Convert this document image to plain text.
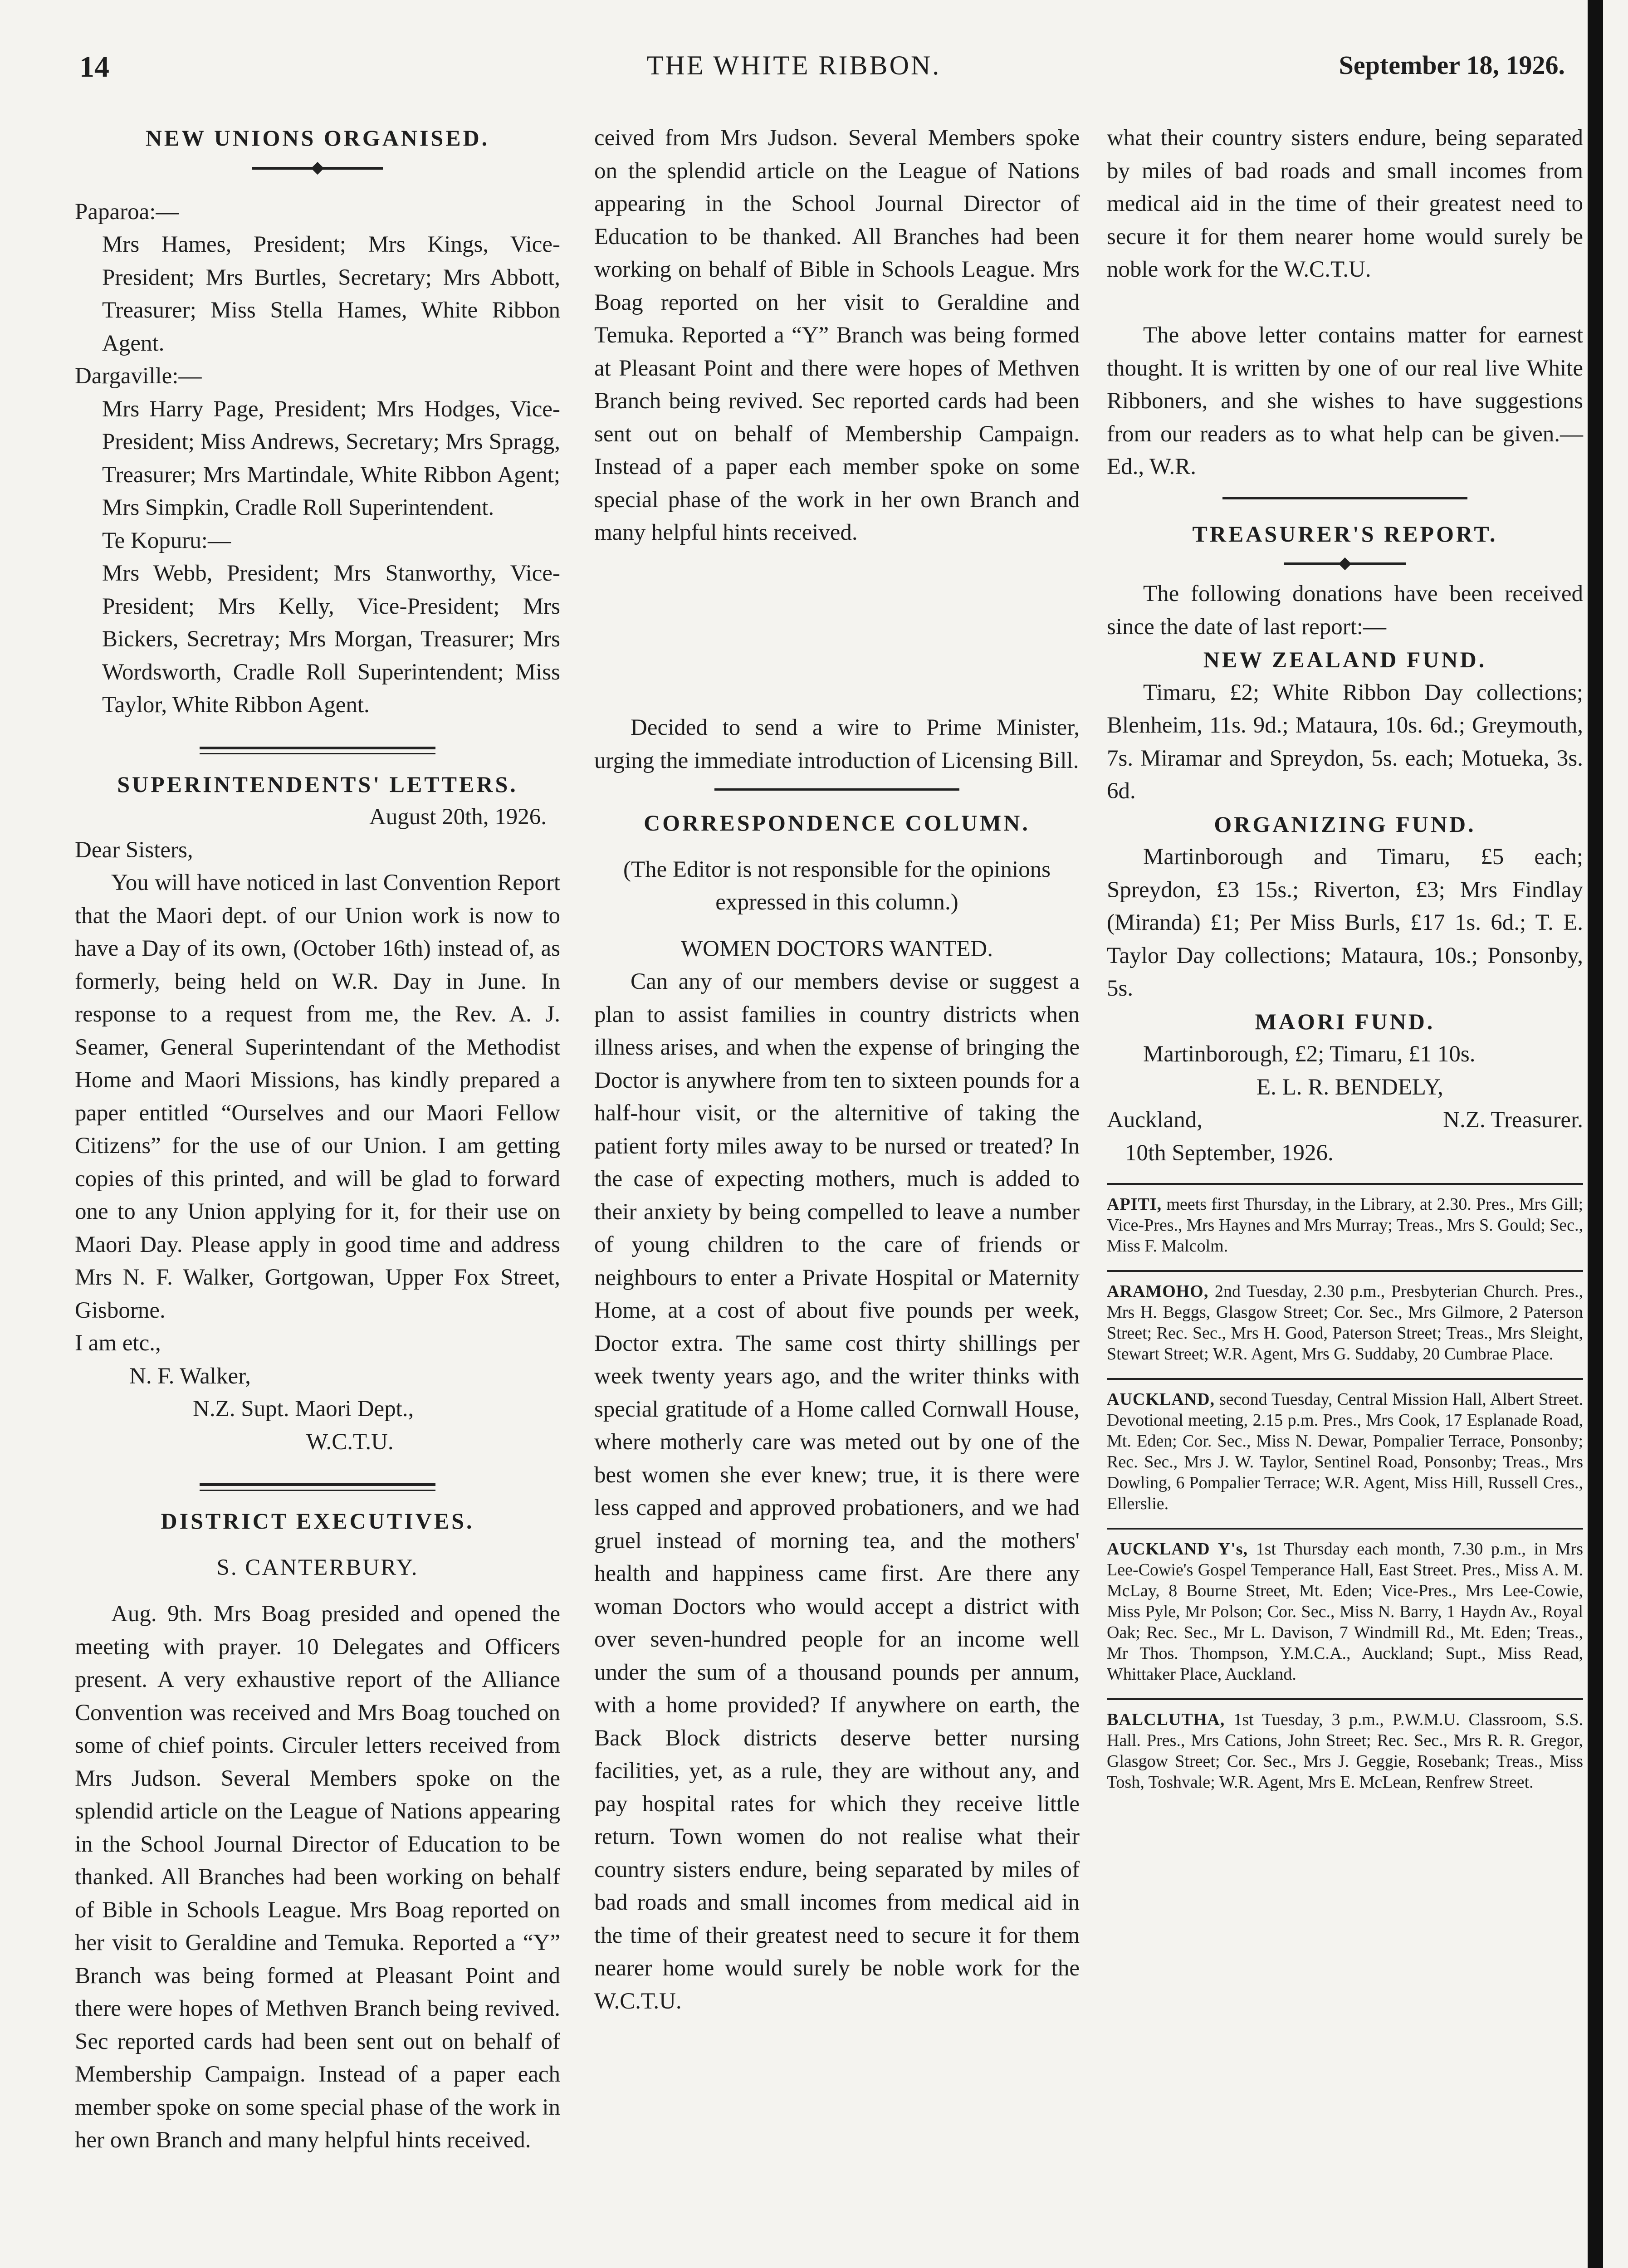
14	THE WHITE RIBBON.	September 18, 1926.

NEW UNIONS ORGANISED.

Paparoa:—

Mrs Hames, President; Mrs Kings, Vice-President; Mrs Burtles, Secretary; Mrs Abbott, Treasurer; Miss Stella Hames, White Ribbon Agent.

Dargaville:—

Mrs Harry Page, President; Mrs Hodges, Vice-President; Miss Andrews, Secretary; Mrs Spragg, Treasurer; Mrs Martindale, White Ribbon Agent; Mrs Simpkin, Cradle Roll Superintendent.

Te Kopuru:—

Mrs Webb, President; Mrs Stanworthy, Vice-President; Mrs Kelly, Vice-President; Mrs Bickers, Secretray; Mrs Morgan, Treasurer; Mrs Wordsworth, Cradle Roll Superintendent; Miss Taylor, White Ribbon Agent.

SUPERINTENDENTS' LETTERS.

August 20th, 1926.

Dear Sisters,

You will have noticed in last Convention Report that the Maori dept. of our Union work is now to have a Day of its own, (October 16th) instead of, as formerly, being held on W.R. Day in June. In response to a request from me, the Rev. A. J. Seamer, General Superintendant of the Methodist Home and Maori Missions, has kindly prepared a paper entitled “Ourselves and our Maori Fellow Citizens” for the use of our Union. I am getting copies of this printed, and will be glad to forward one to any Union applying for it, for their use on Maori Day. Please apply in good time and address Mrs N. F. Walker, Gortgowan, Upper Fox Street, Gisborne.

I am etc.,

N. F. Walker,

N.Z. Supt. Maori Dept.,

W.C.T.U.

DISTRICT EXECUTIVES.

S. CANTERBURY.

Aug. 9th. Mrs Boag presided and opened the meeting with prayer. 10 Delegates and Officers present. A very exhaustive report of the Alliance Convention was received and Mrs Boag touched on some of chief points. Circuler letters received from Mrs Judson. Several Members spoke on the splendid article on the League of Nations appearing in the School Journal Director of Education to be thanked. All Branches had been working on behalf of Bible in Schools League. Mrs Boag reported on her visit to Geraldine and Temuka. Reported a “Y” Branch was being formed at Pleasant Point and there were hopes of Methven Branch being revived. Sec reported cards had been sent out on behalf of Membership Campaign. Instead of a paper each member spoke on some special phase of the work in her own Branch and many helpful hints received.

ceived from Mrs Judson. Several Members spoke on the splendid article on the League of Nations appearing in the School Journal Director of Education to be thanked. All Branches had been working on behalf of Bible in Schools League. Mrs Boag reported on her visit to Geraldine and Temuka. Reported a “Y” Branch was being formed at Pleasant Point and there were hopes of Methven Branch being revived. Sec reported cards had been sent out on behalf of Membership Campaign. Instead of a paper each member spoke on some special phase of the work in her own Branch and many helpful hints received.

Decided to send a wire to Prime Minister, urging the immediate introduction of Licensing Bill.

CORRESPONDENCE COLUMN.

(The Editor is not responsible for the opinions expressed in this column.)

WOMEN DOCTORS WANTED.

Can any of our members devise or suggest a plan to assist families in country districts when illness arises, and when the expense of bringing the Doctor is anywhere from ten to sixteen pounds for a half-hour visit, or the alternitive of taking the patient forty miles away to be nursed or treated? In the case of expecting mothers, much is added to their anxiety by being compelled to leave a number of young children to the care of friends or neighbours to enter a Private Hospital or Maternity Home, at a cost of about five pounds per week, Doctor extra. The same cost thirty shillings per week twenty years ago, and the writer thinks with special gratitude of a Home called Cornwall House, where motherly care was meted out by one of the best women she ever knew; true, it is there were less capped and approved probationers, and we had gruel instead of morning tea, and the mothers' health and happiness came first. Are there any woman Doctors who would accept a district with over seven-hundred people for an income well under the sum of a thousand pounds per annum, with a home provided? If anywhere on earth, the Back Block districts deserve better nursing facilities, yet, as a rule, they are without any, and pay hospital rates for which they receive little return. Town women do not realise what their country sisters endure, being separated by miles of bad roads and small incomes from medical aid in the time of their greatest need to secure it for them nearer home would surely be noble work for the W.C.T.U.

what their country sisters endure, being separated by miles of bad roads and small incomes from medical aid in the time of their greatest need to secure it for them nearer home would surely be noble work for the W.C.T.U.

The above letter contains matter for earnest thought. It is written by one of our real live White Ribboners, and she wishes to have suggestions from our readers as to what help can be given.—Ed., W.R.

TREASURER'S REPORT.

The following donations have been received since the date of last report:—

NEW ZEALAND FUND.

Timaru, £2; White Ribbon Day collections; Blenheim, 11s. 9d.; Mataura, 10s. 6d.; Greymouth, 7s. Miramar and Spreydon, 5s. each; Motueka, 3s. 6d.

ORGANIZING FUND.

Martinborough and Timaru, £5 each; Spreydon, £3 15s.; Riverton, £3; Mrs Findlay (Miranda) £1; Per Miss Burls, £17 1s. 6d.; T. E. Taylor Day collections; Mataura, 10s.; Ponsonby, 5s.

MAORI FUND.

Martinborough, £2; Timaru, £1 10s.

E. L. R. BENDELY,

Auckland,	N.Z. Treasurer.

10th September, 1926.

APITI, meets first Thursday, in the Library, at 2.30. Pres., Mrs Gill; Vice-Pres., Mrs Haynes and Mrs Murray; Treas., Mrs S. Gould; Sec., Miss F. Malcolm.

ARAMOHO, 2nd Tuesday, 2.30 p.m., Presbyterian Church. Pres., Mrs H. Beggs, Glasgow Street; Cor. Sec., Mrs Gilmore, 2 Paterson Street; Rec. Sec., Mrs H. Good, Paterson Street; Treas., Mrs Sleight, Stewart Street; W.R. Agent, Mrs G. Suddaby, 20 Cumbrae Place.

AUCKLAND, second Tuesday, Central Mission Hall, Albert Street. Devotional meeting, 2.15 p.m. Pres., Mrs Cook, 17 Esplanade Road, Mt. Eden; Cor. Sec., Miss N. Dewar, Pompalier Terrace, Ponsonby; Rec. Sec., Mrs J. W. Taylor, Sentinel Road, Ponsonby; Treas., Mrs Dowling, 6 Pompalier Terrace; W.R. Agent, Miss Hill, Russell Cres., Ellerslie.

AUCKLAND Y's, 1st Thursday each month, 7.30 p.m., in Mrs Lee-Cowie's Gospel Temperance Hall, East Street. Pres., Miss A. M. McLay, 8 Bourne Street, Mt. Eden; Vice-Pres., Mrs Lee-Cowie, Miss Pyle, Mr Polson; Cor. Sec., Miss N. Barry, 1 Haydn Av., Royal Oak; Rec. Sec., Mr L. Davison, 7 Windmill Rd., Mt. Eden; Treas., Mr Thos. Thompson, Y.M.C.A., Auckland; Supt., Miss Read, Whittaker Place, Auckland.

BALCLUTHA, 1st Tuesday, 3 p.m., P.W.M.U. Classroom, S.S. Hall. Pres., Mrs Cations, John Street; Rec. Sec., Mrs R. R. Gregor, Glasgow Street; Cor. Sec., Mrs J. Geggie, Rosebank; Treas., Miss Tosh, Toshvale; W.R. Agent, Mrs E. McLean, Renfrew Street.
